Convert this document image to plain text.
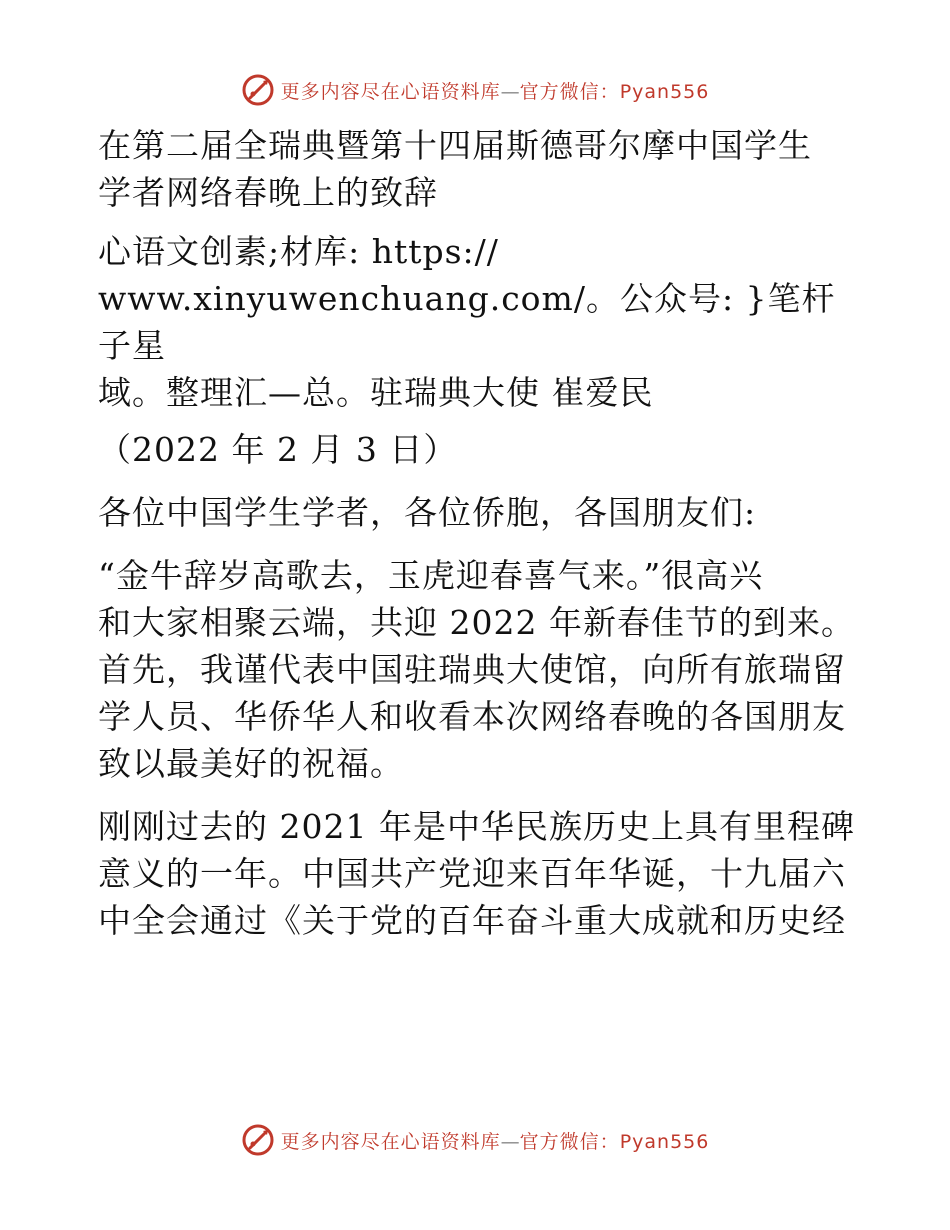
更多内容尽在心语资料库—官方微信：Pyan556

在第二届全瑞典暨第十四届斯德哥尔摩中国学生

学者网络春晚上的致辞

心语文创素;材库: https://

www.xinyuwenchuang.com/。公众号: }笔杆子星

域。整理汇—总。驻瑞典大使 崔爱民

（2022 年 2 月 3 日）

各位中国学生学者，各位侨胞，各国朋友们:

“金牛辞岁高歌去，玉虎迎春喜气来。”很高兴

和大家相聚云端，共迎 2022 年新春佳节的到来。

首先，我谨代表中国驻瑞典大使馆，向所有旅瑞留

学人员、华侨华人和收看本次网络春晚的各国朋友

致以最美好的祝福。

刚刚过去的 2021 年是中华民族历史上具有里程碑

意义的一年。中国共产党迎来百年华诞，十九届六

中全会通过《关于党的百年奋斗重大成就和历史经

更多内容尽在心语资料库—官方微信：Pyan556
